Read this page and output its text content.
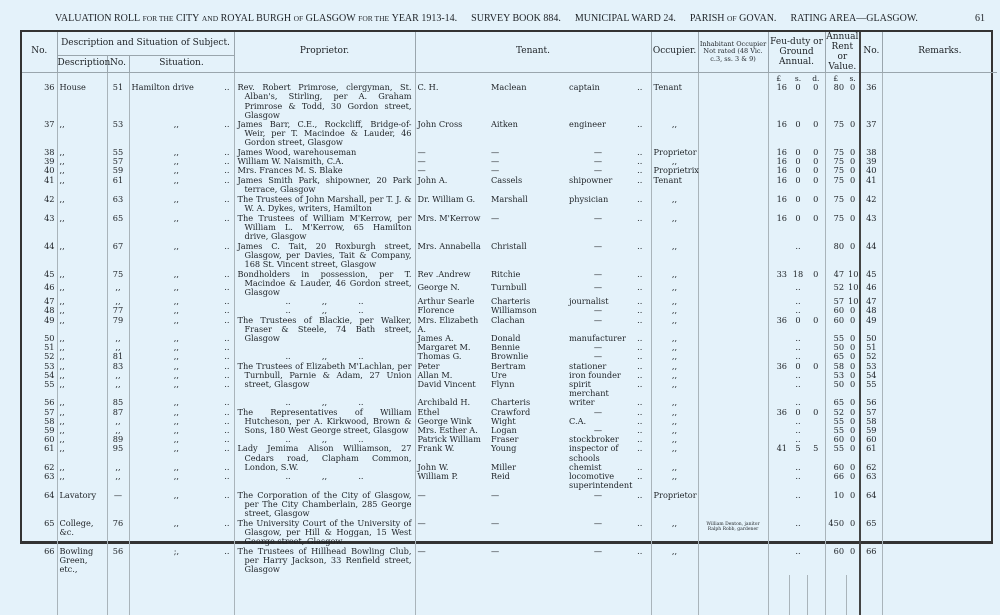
VALUATION ROLL
FOR THE
CITY
AND
ROYAL BURGH
OF
GLASGOW
FOR THE
YEAR 1913-14. SURVEY BOOK 884. MUNICIPAL WARD 24. PARISH
OF
GOVAN. RATING AREA—GLASGOW.	61
No.	Description and Situation of Subject.			Proprietor.	Tenant.				Occupier.	Inhabitant Occupier Not rated (48 Vic. c.3, ss. 3 & 9)	Feu-duty or Ground Annual.			Annual Rent or Value.		No.	Remarks.
	Description.	No.	Situation.														
											£	s.	d.	£	s.		
36	House	51	Hamilton drive ..	Rev. Robert Primrose, clergyman, St. Alban's, Stirling, per A. Graham Primrose & Todd, 30 Gordon street, Glasgow	C. H.	Maclean	captain	..	Tenant		16	0	0	80	0	36	
37	,,	53	,, ..	James Barr, C.E., Rockcliff, Bridge-of-Weir, per T. Macindoe & Lauder, 46 Gordon street, Glasgow	John Cross	Aitken	engineer	..	,,		16	0	0	75	0	37	
38	,,	55	,, ..	James Wood, warehouseman	—	—	—	..	Proprietor		16	0	0	75	0	38	
39	,,	57	,, ..	William W. Naismith, C.A.	—	—	—	..	,,		16	0	0	75	0	39	
40	,,	59	,, ..	Mrs. Frances M. S. Blake	—	—	—	..	Proprietrix		16	0	0	75	0	40	
41	,,	61	,, ..	James Smith Park, shipowner, 20 Park terrace, Glasgow	John A.	Cassels	shipowner	..	Tenant		16	0	0	75	0	41	
42	,,	63	,, ..	The Trustees of John Marshall, per T. J. & W. A. Dykes, writers, Hamilton	Dr. William G.	Marshall	physician	..	,,		16	0	0	75	0	42	
43	,,	65	,, ..	The Trustees of William M'Kerrow, per William L. M'Kerrow, 65 Hamilton drive, Glasgow	Mrs. M'Kerrow	—	—	..	,,		16	0	0	75	0	43	
44	,,	67	,, ..	James C. Tait, 20 Roxburgh street, Glasgow, per Davies, Tait & Company, 168 St. Vincent street, Glasgow	Mrs. Annabella	Christall	—	..	,,			..		80	0	44	
45	,,	75	,, ..	Bondholders in possession, per T. Macindoe & Lauder, 46 Gordon street, Glasgow	Rev .Andrew	Ritchie	—	..	,,		33	18	0	47	10	45	
46	,,	,,	,, ..		George N.	Turnbull	—	..	,,			..		52	10	46	
47	,,	,,	,, ..	..            ,,            ..	Arthur Searle	Charteris	journalist	..	,,			..		57	10	47	
48	,,	77	,, ..	..            ,,            ..	Florence	Williamson	—	..	,,			..		60	0	48	
49	,,	79	,, ..	The Trustees of Blackie, per Walker, Fraser & Steele, 74 Bath street, Glasgow	Mrs. Elizabeth A.	Clachan	—	..	,,		36	0	0	60	0	49	
50	,,	,,	,, ..		James A.	Donald	manufacturer	..	,,			..		55	0	50	
51	,,	,,	,, ..		Margaret M.	Bennie	—	..	,,			..		50	0	51	
52	,,	81	,, ..	..            ,,            ..	Thomas G.	Brownlie	—	..	,,			..		65	0	52	
53	,,	83	,, ..	The Trustees of Elizabeth M'Lachlan, per Turnbull, Parnie & Adam, 27 Union street, Glasgow	Peter	Bertram	stationer	..	,,		36	0	0	58	0	53	
54	,,	,,	,, ..		Allan M.	Ure	iron founder	..	,,			..		53	0	54	
55	,,	,,	,, ..		David Vincent	Flynn	spirit merchant	..	,,			..		50	0	55	
56	,,	85	,, ..	..            ,,            ..	Archibald H.	Charteris	writer	..	,,			..		65	0	56	
57	,,	87	,, ..	The Representatives of William Hutcheson, per A. Kirkwood, Brown & Sons, 180 West George street, Glasgow	Ethel	Crawford	—	..	,,		36	0	0	52	0	57	
58	,,	,,	,, ..		George Wink	Wight	C.A.	..	,,			..		55	0	58	
59	,,	,,	,, ..		Mrs. Esther A.	Logan	—	..	,,			..		55	0	59	
60	,,	89	,, ..	..            ,,            ..	Patrick William	Fraser	stockbroker	..	,,			..		60	0	60	
61	,,	95	,, ..	Lady Jemima Alison Williamson, 27 Cedars road, Clapham Common, London, S.W.	Frank W.	Young	inspector of schools	..	,,		41	5	5	55	0	61	
62	,,	,,	,, ..		John W.	Miller	chemist	..	,,			..		60	0	62	
63	,,	,,	,, ..	..            ,,            ..	William P.	Reid	locomotive superintendent	..	,,			..		66	0	63	
64	Lavatory	—	,, ..	The Corporation of the City of Glasgow, per The City Chamberlain, 285 George street, Glasgow	—	—	—	..	Proprietor			..		10	0	64	
65	College, &c.	76	,, ..	The University Court of the University of Glasgow, per Hill & Hoggan, 15 West George street, Glasgow	—	—	—	..	,,	William Denton, janitor Ralph Robb, gardener		..		450	0	65	
66	Bowling Green, etc.,	56	;, ..	The Trustees of Hillhead Bowling Club, per Harry Jackson, 33 Renfield street, Glasgow	—	—	—	..	,,			..		60	0	66	
